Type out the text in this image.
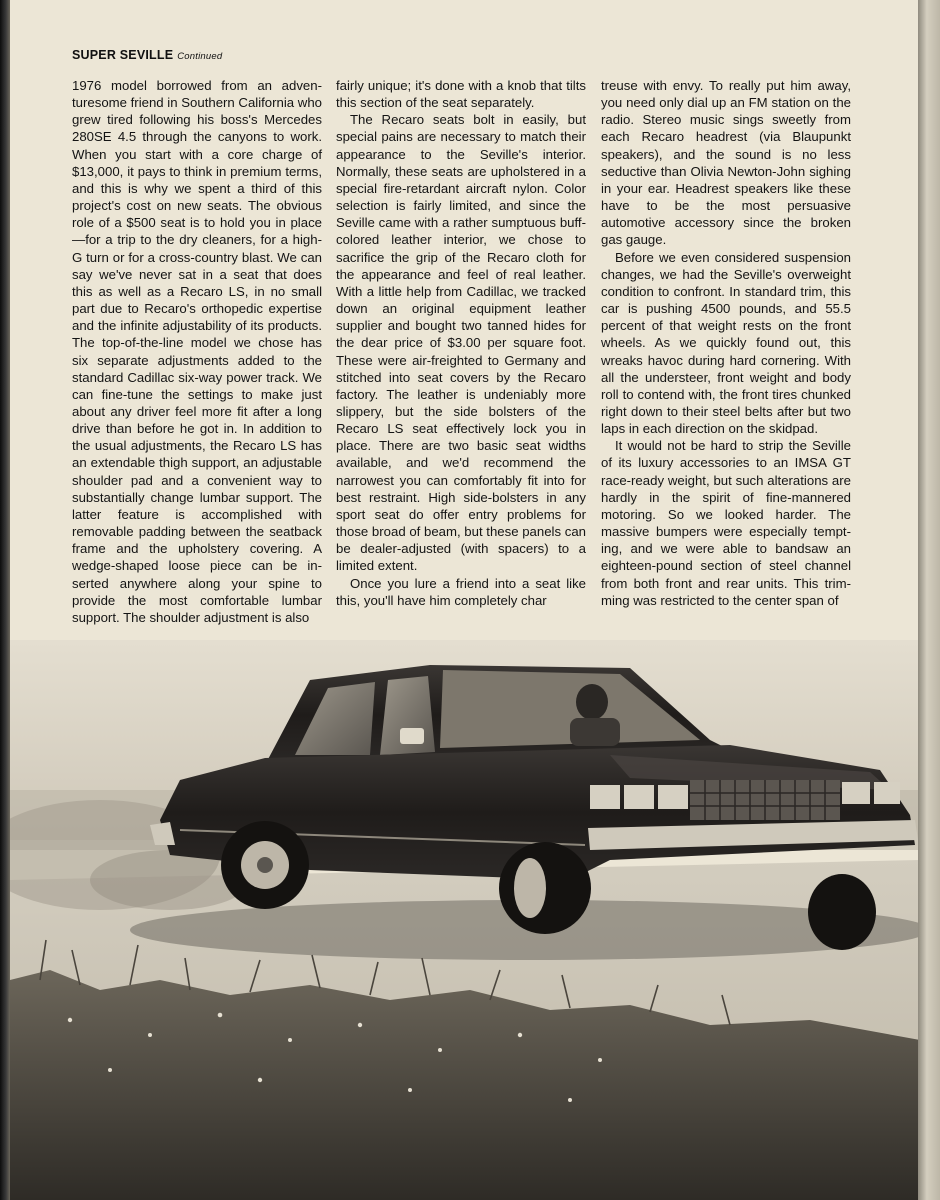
SUPER SEVILLE Continued

1976 model borrowed from an adventuresome friend in Southern California who grew tired following his boss's Mercedes 280SE 4.5 through the canyons to work. When you start with a core charge of $13,000, it pays to think in premium terms, and this is why we spent a third of this project's cost on new seats. The obvious role of a $500 seat is to hold you in place—for a trip to the dry cleaners, for a high-G turn or for a cross-country blast. We can say we've never sat in a seat that does this as well as a Recaro LS, in no small part due to Recaro's orthopedic expertise and the infinite adjustability of its products. The top-of-the-line model we chose has six separate adjustments added to the standard Cadillac six-way power track. We can fine-tune the settings to make just about any driver feel more fit after a long drive than before he got in. In addition to the usual adjustments, the Recaro LS has an extendable thigh support, an adjustable shoulder pad and a convenient way to substantially change lumbar support. The latter feature is accomplished with removable padding between the seatback frame and the upholstery covering. A wedge-shaped loose piece can be inserted anywhere along your spine to provide the most comfortable lumbar support. The shoulder adjustment is also

fairly unique; it's done with a knob that tilts this section of the seat separately.

The Recaro seats bolt in easily, but special pains are necessary to match their appearance to the Seville's interior. Normally, these seats are upholstered in a special fire-retardant aircraft nylon. Color selection is fairly limited, and since the Seville came with a rather sumptuous buff-colored leather interior, we chose to sacrifice the grip of the Recaro cloth for the appearance and feel of real leather. With a little help from Cadillac, we tracked down an original equipment leather supplier and bought two tanned hides for the dear price of $3.00 per square foot. These were air-freighted to Germany and stitched into seat covers by the Recaro factory. The leather is undeniably more slippery, but the side bolsters of the Recaro LS seat effectively lock you in place. There are two basic seat widths available, and we'd recommend the narrowest you can comfortably fit into for best restraint. High side-bolsters in any sport seat do offer entry problems for those broad of beam, but these panels can be dealer-adjusted (with spacers) to a limited extent.

Once you lure a friend into a seat like this, you'll have him completely char

treuse with envy. To really put him away, you need only dial up an FM station on the radio. Stereo music sings sweetly from each Recaro headrest (via Blaupunkt speakers), and the sound is no less seductive than Olivia Newton-John sighing in your ear. Headrest speakers like these have to be the most persuasive automotive accessory since the broken gas gauge.

Before we even considered suspension changes, we had the Seville's overweight condition to confront. In standard trim, this car is pushing 4500 pounds, and 55.5 percent of that weight rests on the front wheels. As we quickly found out, this wreaks havoc during hard cornering. With all the understeer, front weight and body roll to contend with, the front tires chunked right down to their steel belts after but two laps in each direction on the skidpad.

It would not be hard to strip the Seville of its luxury accessories to an IMSA GT race-ready weight, but such alterations are hardly in the spirit of fine-mannered motoring. So we looked harder. The massive bumpers were especially tempting, and we were able to bandsaw an eighteen-pound section of steel channel from both front and rear units. This trimming was restricted to the center span of
